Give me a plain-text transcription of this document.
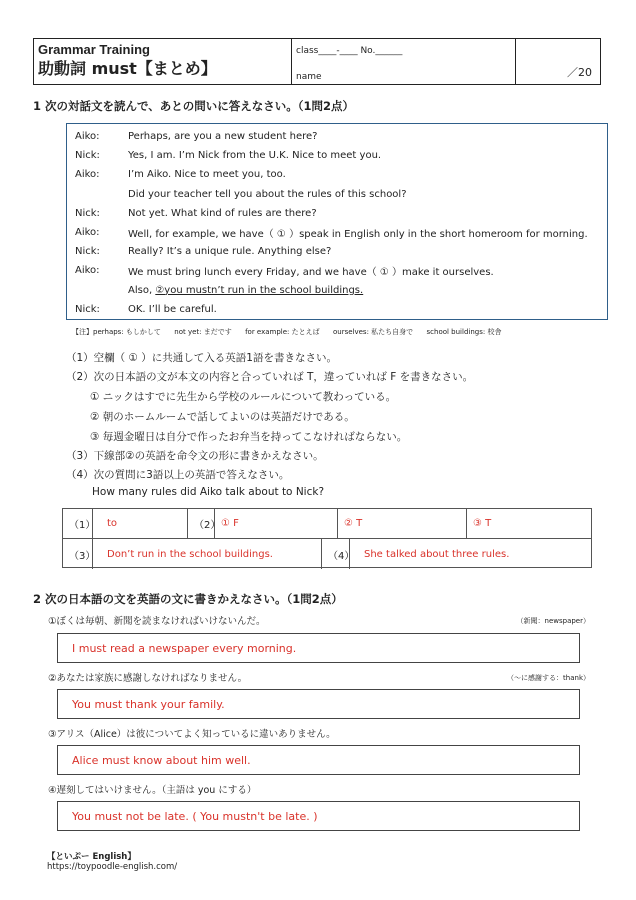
Grammar Training
助動詞 must【まとめ】
class____-____ No.______
name	／20
1 次の対話文を読んで、あとの問いに答えなさい。（1問2点）
Aiko:	Perhaps, are you a new student here?
Nick:	Yes, I am. I’m Nick from the U.K. Nice to meet you.
Aiko:	I’m Aiko. Nice to meet you, too.
Did your teacher tell you about the rules of this school?
Nick:	Not yet. What kind of rules are there?
Aiko:	Well, for example, we have（ ① ）speak in English only in the short homeroom for morning.
Nick:	Really? It’s a unique rule. Anything else?
Aiko:	We must bring lunch every Friday, and we have（ ① ）make it ourselves.
Also, ②you mustn’t run in the school buildings.
Nick:	OK. I’ll be careful.
【注】perhaps: もしかして      not yet: まだです      for example: たとえば      ourselves: 私たち自身で      school buildings: 校舎
（1）空欄（ ① ）に共通して入る英語1語を書きなさい。
（2）次の日本語の文が本文の内容と合っていれば T，違っていれば F を書きなさい。
① ニックはすでに先生から学校のルールについて教わっている。
② 朝のホームルームで話してよいのは英語だけである。
③ 毎週金曜日は自分で作ったお弁当を持ってこなければならない。
（3）下線部②の英語を命令文の形に書きかえなさい。
（4）次の質問に3語以上の英語で答えなさい。
How many rules did Aiko talk about to Nick?
（1）	to	（2） ① F	② T	③ T
（3）	Don’t run in the school buildings.	（4） She talked about three rules.
2 次の日本語の文を英語の文に書きかえなさい。（1問2点）
①ぼくは毎朝、新聞を読まなければいけないんだ。	（新聞：newspaper）
I must read a newspaper every morning.
②あなたは家族に感謝しなければなりません。	（～に感謝する：thank）
You must thank your family.
③アリス（Alice）は彼についてよく知っているに違いありません。
Alice must know about him well.
④遅刻してはいけません。（主語は you にする）
You must not be late. ( You mustn't be late. )
【といぷー English】
https://toypoodle-english.com/
